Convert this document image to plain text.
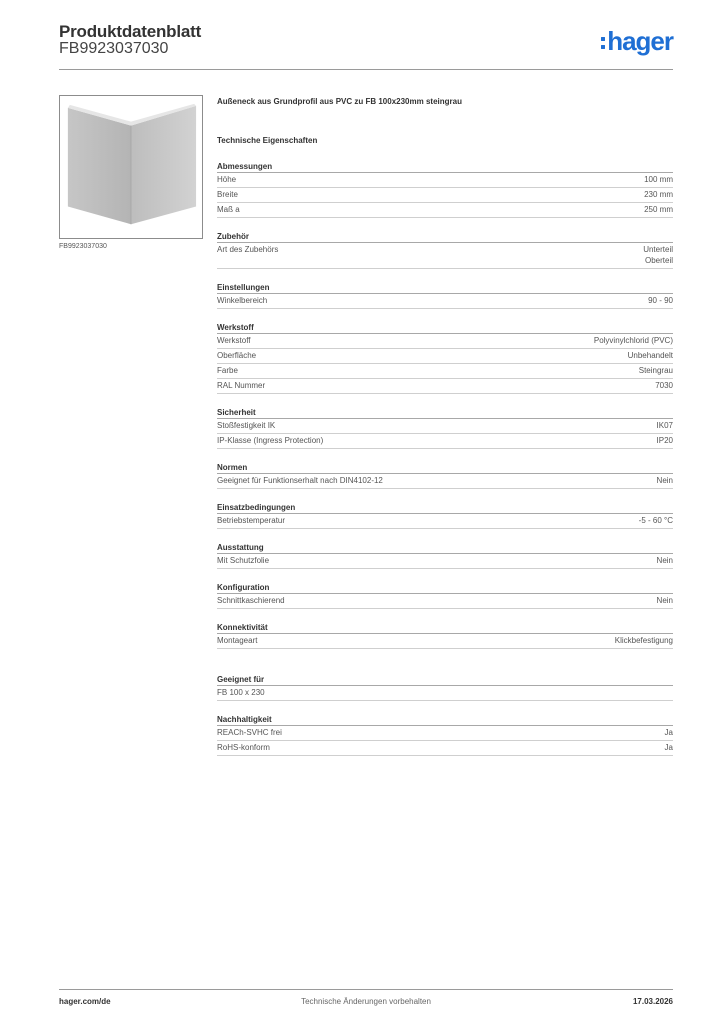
Produktdatenblatt
FB9923037030	hager
FB9923037030
Außeneck aus Grundprofil aus PVC zu FB 100x230mm steingrau
Technische Eigenschaften
Abmessungen
Höhe	100 mm
Breite	230 mm
Maß a	250 mm
Zubehör
Art des Zubehörs	Unterteil
Oberteil
Einstellungen
Winkelbereich	90 - 90
Werkstoff
Werkstoff	Polyvinylchlorid (PVC)
Oberfläche	Unbehandelt
Farbe	Steingrau
RAL Nummer	7030
Sicherheit
Stoßfestigkeit IK	IK07
IP-Klasse (Ingress Protection)	IP20
Normen
Geeignet für Funktionserhalt nach DIN4102-12	Nein
Einsatzbedingungen
Betriebstemperatur	-5 - 60 °C
Ausstattung
Mit Schutzfolie	Nein
Konfiguration
Schnittkaschierend	Nein
Konnektivität
Montageart	Klickbefestigung
Geeignet für
FB 100 x 230
Nachhaltigkeit
REACh-SVHC frei	Ja
RoHS-konform	Ja
hager.com/de	Technische Änderungen vorbehalten	17.03.2026
